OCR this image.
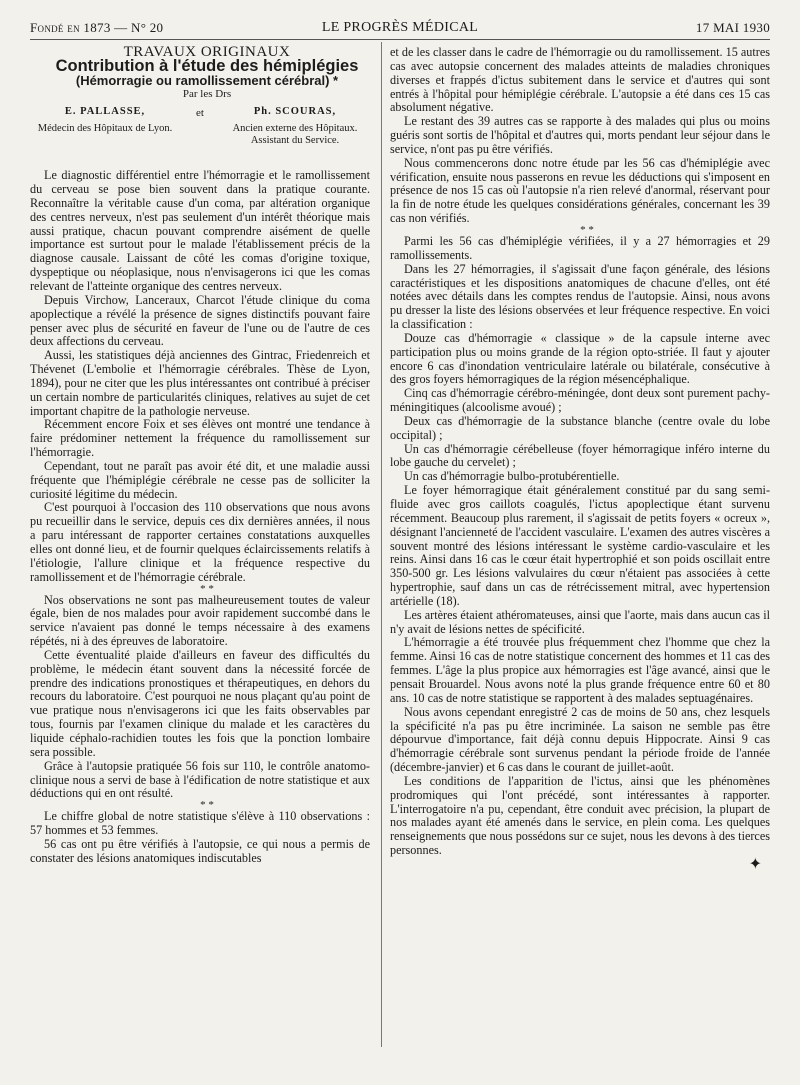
Fondé en 1873 — N° 20	LE PROGRÈS MÉDICAL	17 MAI 1930

TRAVAUX ORIGINAUX

Contribution à l'étude des hémiplégies

(Hémorragie ou ramollissement cérébral) *

Par les Drs

E. PALLASSE,
Médecin des Hôpitaux de Lyon.
et	Ph. SCOURAS,
Ancien externe des Hôpitaux. Assistant du Service.

Le diagnostic différentiel entre l'hémorragie et le ramollissement du cerveau se pose bien souvent dans la pratique courante. Reconnaître la véritable cause d'un coma, par altération organique des centres nerveux, n'est pas seulement d'un intérêt théorique mais aussi pratique, chacun pouvant comprendre aisément de quelle importance est surtout pour le malade l'établissement précis de la diagnose causale. Laissant de côté les comas d'origine toxique, dyspeptique ou néoplasique, nous n'envisagerons ici que les comas relevant de l'atteinte organique des centres nerveux.

Depuis Virchow, Lanceraux, Charcot l'étude clinique du coma apoplectique a révélé la présence de signes distinctifs pouvant faire penser avec plus de sécurité en faveur de l'une ou de l'autre de ces deux affections du cerveau.

Aussi, les statistiques déjà anciennes des Gintrac, Friedenreich et Thévenet (L'embolie et l'hémorragie cérébrales. Thèse de Lyon, 1894), pour ne citer que les plus intéressantes ont contribué à préciser un certain nombre de particularités cliniques, relatives au sujet de cet important chapitre de la pathologie nerveuse.

Récemment encore Foix et ses élèves ont montré une tendance à faire prédominer nettement la fréquence du ramollissement sur l'hémorragie.

Cependant, tout ne paraît pas avoir été dit, et une maladie aussi fréquente que l'hémiplégie cérébrale ne cesse pas de solliciter la curiosité légitime du médecin.

C'est pourquoi à l'occasion des 110 observations que nous avons pu recueillir dans le service, depuis ces dix dernières années, il nous a paru intéressant de rapporter certaines constatations auxquelles elles ont donné lieu, et de fournir quelques éclaircissements relatifs à l'étiologie, l'allure clinique et la fréquence respective du ramollissement et de l'hémorragie cérébrale.

* *

Nos observations ne sont pas malheureusement toutes de valeur égale, bien de nos malades pour avoir rapidement succombé dans le service n'avaient pas donné le temps nécessaire à des examens répétés, ni à des épreuves de laboratoire.

Cette éventualité plaide d'ailleurs en faveur des difficultés du problème, le médecin étant souvent dans la nécessité forcée de prendre des indications pronostiques et thérapeutiques, en dehors du recours du laboratoire. C'est pourquoi ne nous plaçant qu'au point de vue pratique nous n'envisagerons ici que les faits observables par tous, fournis par l'examen clinique du malade et les caractères du liquide céphalo-rachidien toutes les fois que la ponction lombaire sera possible.

Grâce à l'autopsie pratiquée 56 fois sur 110, le contrôle anatomo-clinique nous a servi de base à l'édification de notre statistique et aux déductions qui en ont résulté.

* *

Le chiffre global de notre statistique s'élève à 110 observations : 57 hommes et 53 femmes.

56 cas ont pu être vérifiés à l'autopsie, ce qui nous a permis de constater des lésions anatomiques indiscutables

et de les classer dans le cadre de l'hémorragie ou du ramollissement. 15 autres cas avec autopsie concernent des malades atteints de maladies chroniques diverses et frappés d'ictus subitement dans le service et d'autres qui sont entrés à l'hôpital pour hémiplégie cérébrale. L'autopsie a été dans ces 15 cas absolument négative.

Le restant des 39 autres cas se rapporte à des malades qui plus ou moins guéris sont sortis de l'hôpital et d'autres qui, morts pendant leur séjour dans le service, n'ont pas pu être vérifiés.

Nous commencerons donc notre étude par les 56 cas d'hémiplégie avec vérification, ensuite nous passerons en revue les déductions qui s'imposent en présence de nos 15 cas où l'autopsie n'a rien relevé d'anormal, réservant pour la fin de notre étude les quelques considérations générales, concernant les 39 cas non vérifiés.

* *

Parmi les 56 cas d'hémiplégie vérifiées, il y a 27 hémorragies et 29 ramollissements.

Dans les 27 hémorragies, il s'agissait d'une façon générale, des lésions caractéristiques et les dispositions anatomiques de chacune d'elles, ont été notées avec détails dans les comptes rendus de l'autopsie. Ainsi, nous avons pu dresser la liste des lésions observées et leur fréquence respective. En voici la classification :

Douze cas d'hémorragie « classique » de la capsule interne avec participation plus ou moins grande de la région opto-striée. Il faut y ajouter encore 6 cas d'inondation ventriculaire latérale ou bilatérale, consécutive à des gros foyers hémorragiques de la région mésencéphalique.

Cinq cas d'hémorragie cérébro-méningée, dont deux sont purement pachy-méningitiques (alcoolisme avoué) ;

Deux cas d'hémorragie de la substance blanche (centre ovale du lobe occipital) ;

Un cas d'hémorragie cérébelleuse (foyer hémorragique inféro interne du lobe gauche du cervelet) ;

Un cas d'hémorragie bulbo-protubérentielle.

Le foyer hémorragique était généralement constitué par du sang semi-fluide avec gros caillots coagulés, l'ictus apoplectique étant survenu récemment. Beaucoup plus rarement, il s'agissait de petits foyers « ocreux », désignant l'ancienneté de l'accident vasculaire. L'examen des autres viscères a souvent montré des lésions intéressant le système cardio-vasculaire et les reins. Ainsi dans 16 cas le cœur était hypertrophié et son poids oscillait entre 350-500 gr. Les lésions valvulaires du cœur n'étaient pas associées à cette hypertrophie, sauf dans un cas de rétrécissement mitral, avec hypertension artérielle (18).

Les artères étaient athéromateuses, ainsi que l'aorte, mais dans aucun cas il n'y avait de lésions nettes de spécificité.

L'hémorragie a été trouvée plus fréquemment chez l'homme que chez la femme. Ainsi 16 cas de notre statistique concernent des hommes et 11 cas des femmes. L'âge la plus propice aux hémorragies est l'âge avancé, ainsi que le pensait Brouardel. Nous avons noté la plus grande fréquence entre 60 et 80 ans. 10 cas de notre statistique se rapportent à des malades septuagénaires.

Nous avons cependant enregistré 2 cas de moins de 50 ans, chez lesquels la spécificité n'a pas pu être incriminée. La saison ne semble pas être dépourvue d'importance, fait déjà connu depuis Hippocrate. Ainsi 9 cas d'hémorragie cérébrale sont survenus pendant la période froide de l'année (décembre-janvier) et 6 cas dans le courant de juillet-août.

Les conditions de l'apparition de l'ictus, ainsi que les phénomènes prodromiques qui l'ont précédé, sont intéressantes à rapporter. L'interrogatoire n'a pu, cependant, être conduit avec précision, la plupart de nos malades ayant été amenés dans le service, en plein coma. Les quelques renseignements que nous possédons sur ce sujet, nous les devons à des tierces personnes.

✦
